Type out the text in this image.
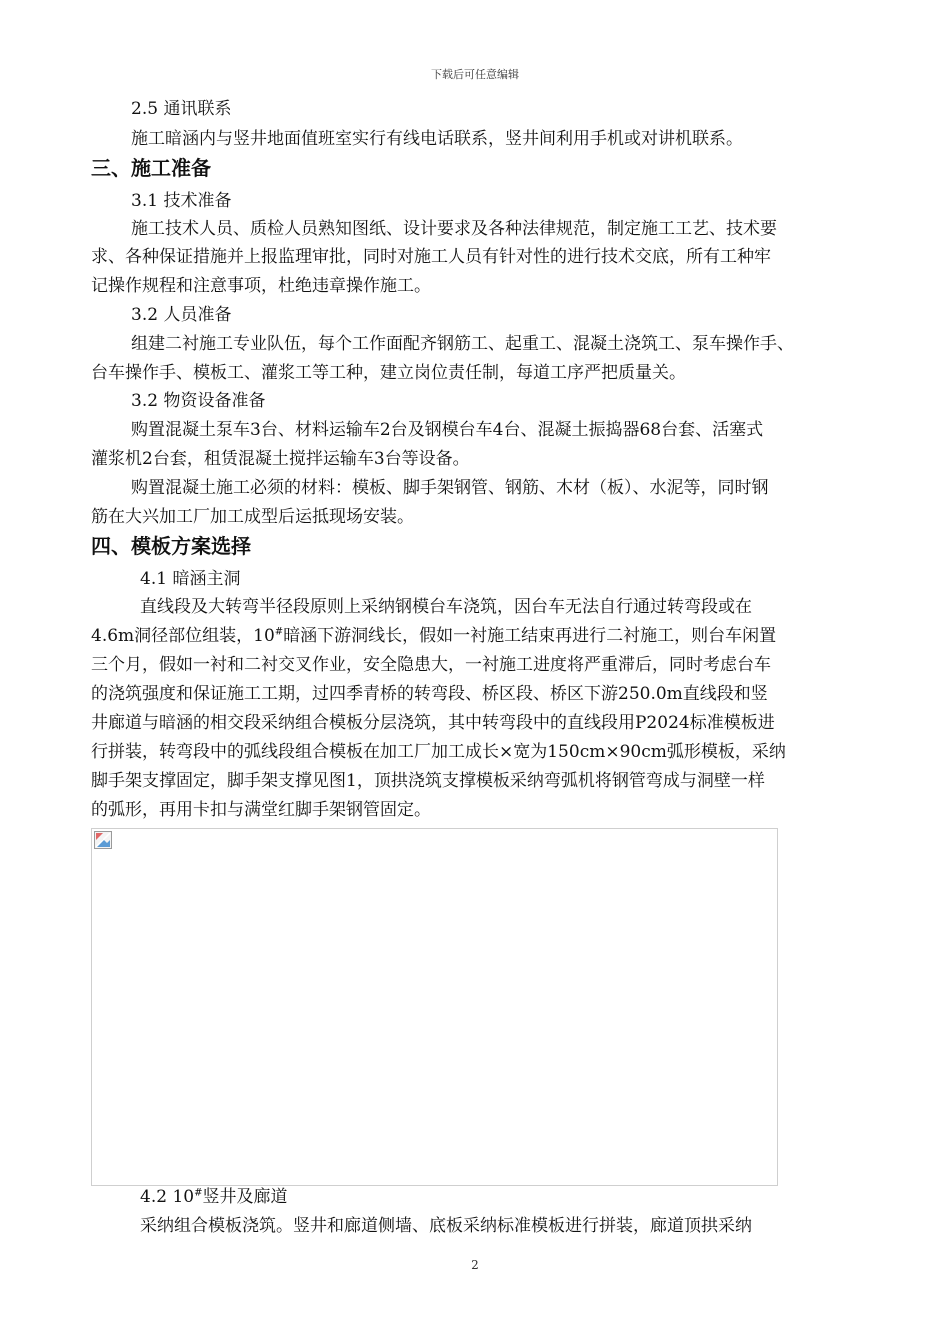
下载后可任意编辑
2.5 通讯联系
施工暗涵内与竖井地面值班室实行有线电话联系，竖井间利用手机或对讲机联系。
三、施工准备
3.1 技术准备
施工技术人员、质检人员熟知图纸、设计要求及各种法律规范，制定施工工艺、技术要
求、各种保证措施并上报监理审批，同时对施工人员有针对性的进行技术交底，所有工种牢
记操作规程和注意事项，杜绝违章操作施工。
3.2 人员准备
组建二衬施工专业队伍，每个工作面配齐钢筋工、起重工、混凝土浇筑工、泵车操作手、
台车操作手、模板工、灌浆工等工种，建立岗位责任制，每道工序严把质量关。
3.2 物资设备准备
购置混凝土泵车3台、材料运输车2台及钢模台车4台、混凝土振捣器68台套、活塞式
灌浆机2台套，租赁混凝土搅拌运输车3台等设备。
购置混凝土施工必须的材料：模板、脚手架钢管、钢筋、木材（板）、水泥等，同时钢
筋在大兴加工厂加工成型后运抵现场安装。
四、模板方案选择
4.1 暗涵主洞
直线段及大转弯半径段原则上采纳钢模台车浇筑，因台车无法自行通过转弯段或在
4.6m洞径部位组装，10#暗涵下游洞线长，假如一衬施工结束再进行二衬施工，则台车闲置
三个月，假如一衬和二衬交叉作业，安全隐患大，一衬施工进度将严重滞后，同时考虑台车
的浇筑强度和保证施工工期，过四季青桥的转弯段、桥区段、桥区下游250.0m直线段和竖
井廊道与暗涵的相交段采纳组合模板分层浇筑，其中转弯段中的直线段用P2024标准模板进
行拼装，转弯段中的弧线段组合模板在加工厂加工成长×宽为150cm×90cm弧形模板，采纳
脚手架支撑固定，脚手架支撑见图1，顶拱浇筑支撑模板采纳弯弧机将钢管弯成与洞壁一样
的弧形，再用卡扣与满堂红脚手架钢管固定。
4.2 10#竖井及廊道
采纳组合模板浇筑。竖井和廊道侧墙、底板采纳标准模板进行拼装，廊道顶拱采纳
2
